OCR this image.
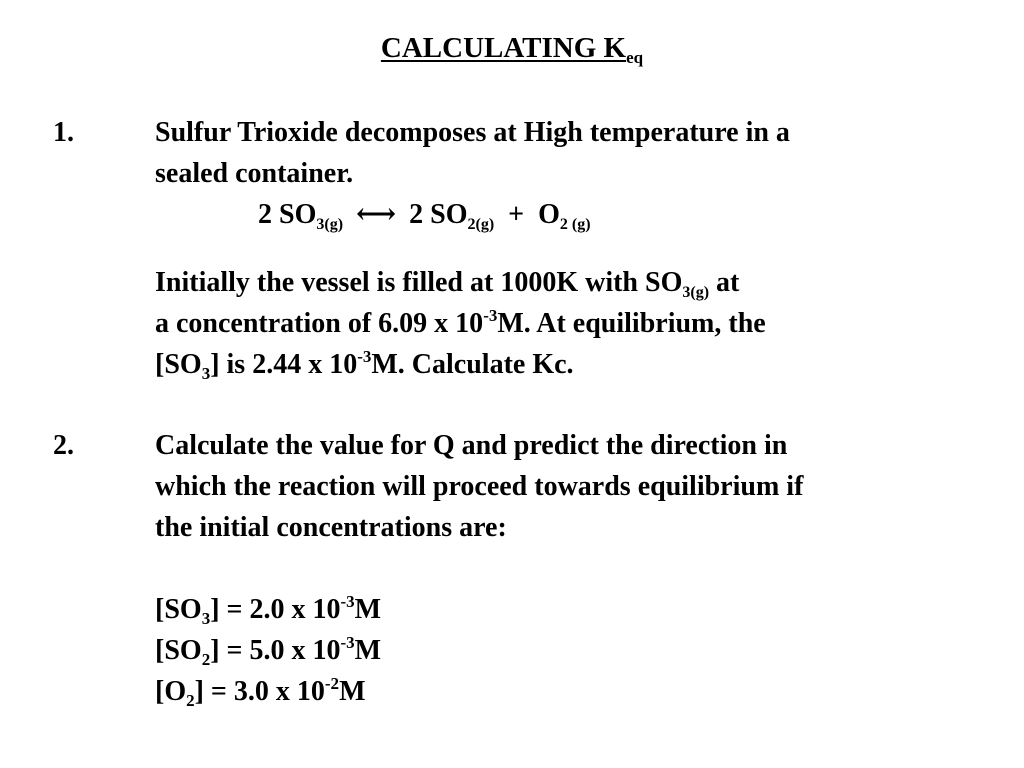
CALCULATING $K_{eq}$
1.	Sulfur Trioxide decomposes at High temperature in a
sealed container.
2 $SO_{3(g)}$ ⟷ 2 $SO_{2(g)} + O_{2 (g)}$
Initially the vessel is filled at 1000K with $SO_{3(g)}$ at
a concentration of 6.09 x $10^{-3}M$. At equilibrium, the
$[SO_3]$ is 2.44 x $10^{-3}M$. Calculate Kc.
2.	Calculate the value for Q and predict the direction in
which the reaction will proceed towards equilibrium if
the initial concentrations are:
$[SO_3] = 2.0$ x $10^{-3}M$
$[SO_2] = 5.0$ x $10^{-3}M$
$[O_2] = 3.0$ x $10^{-2}M$
